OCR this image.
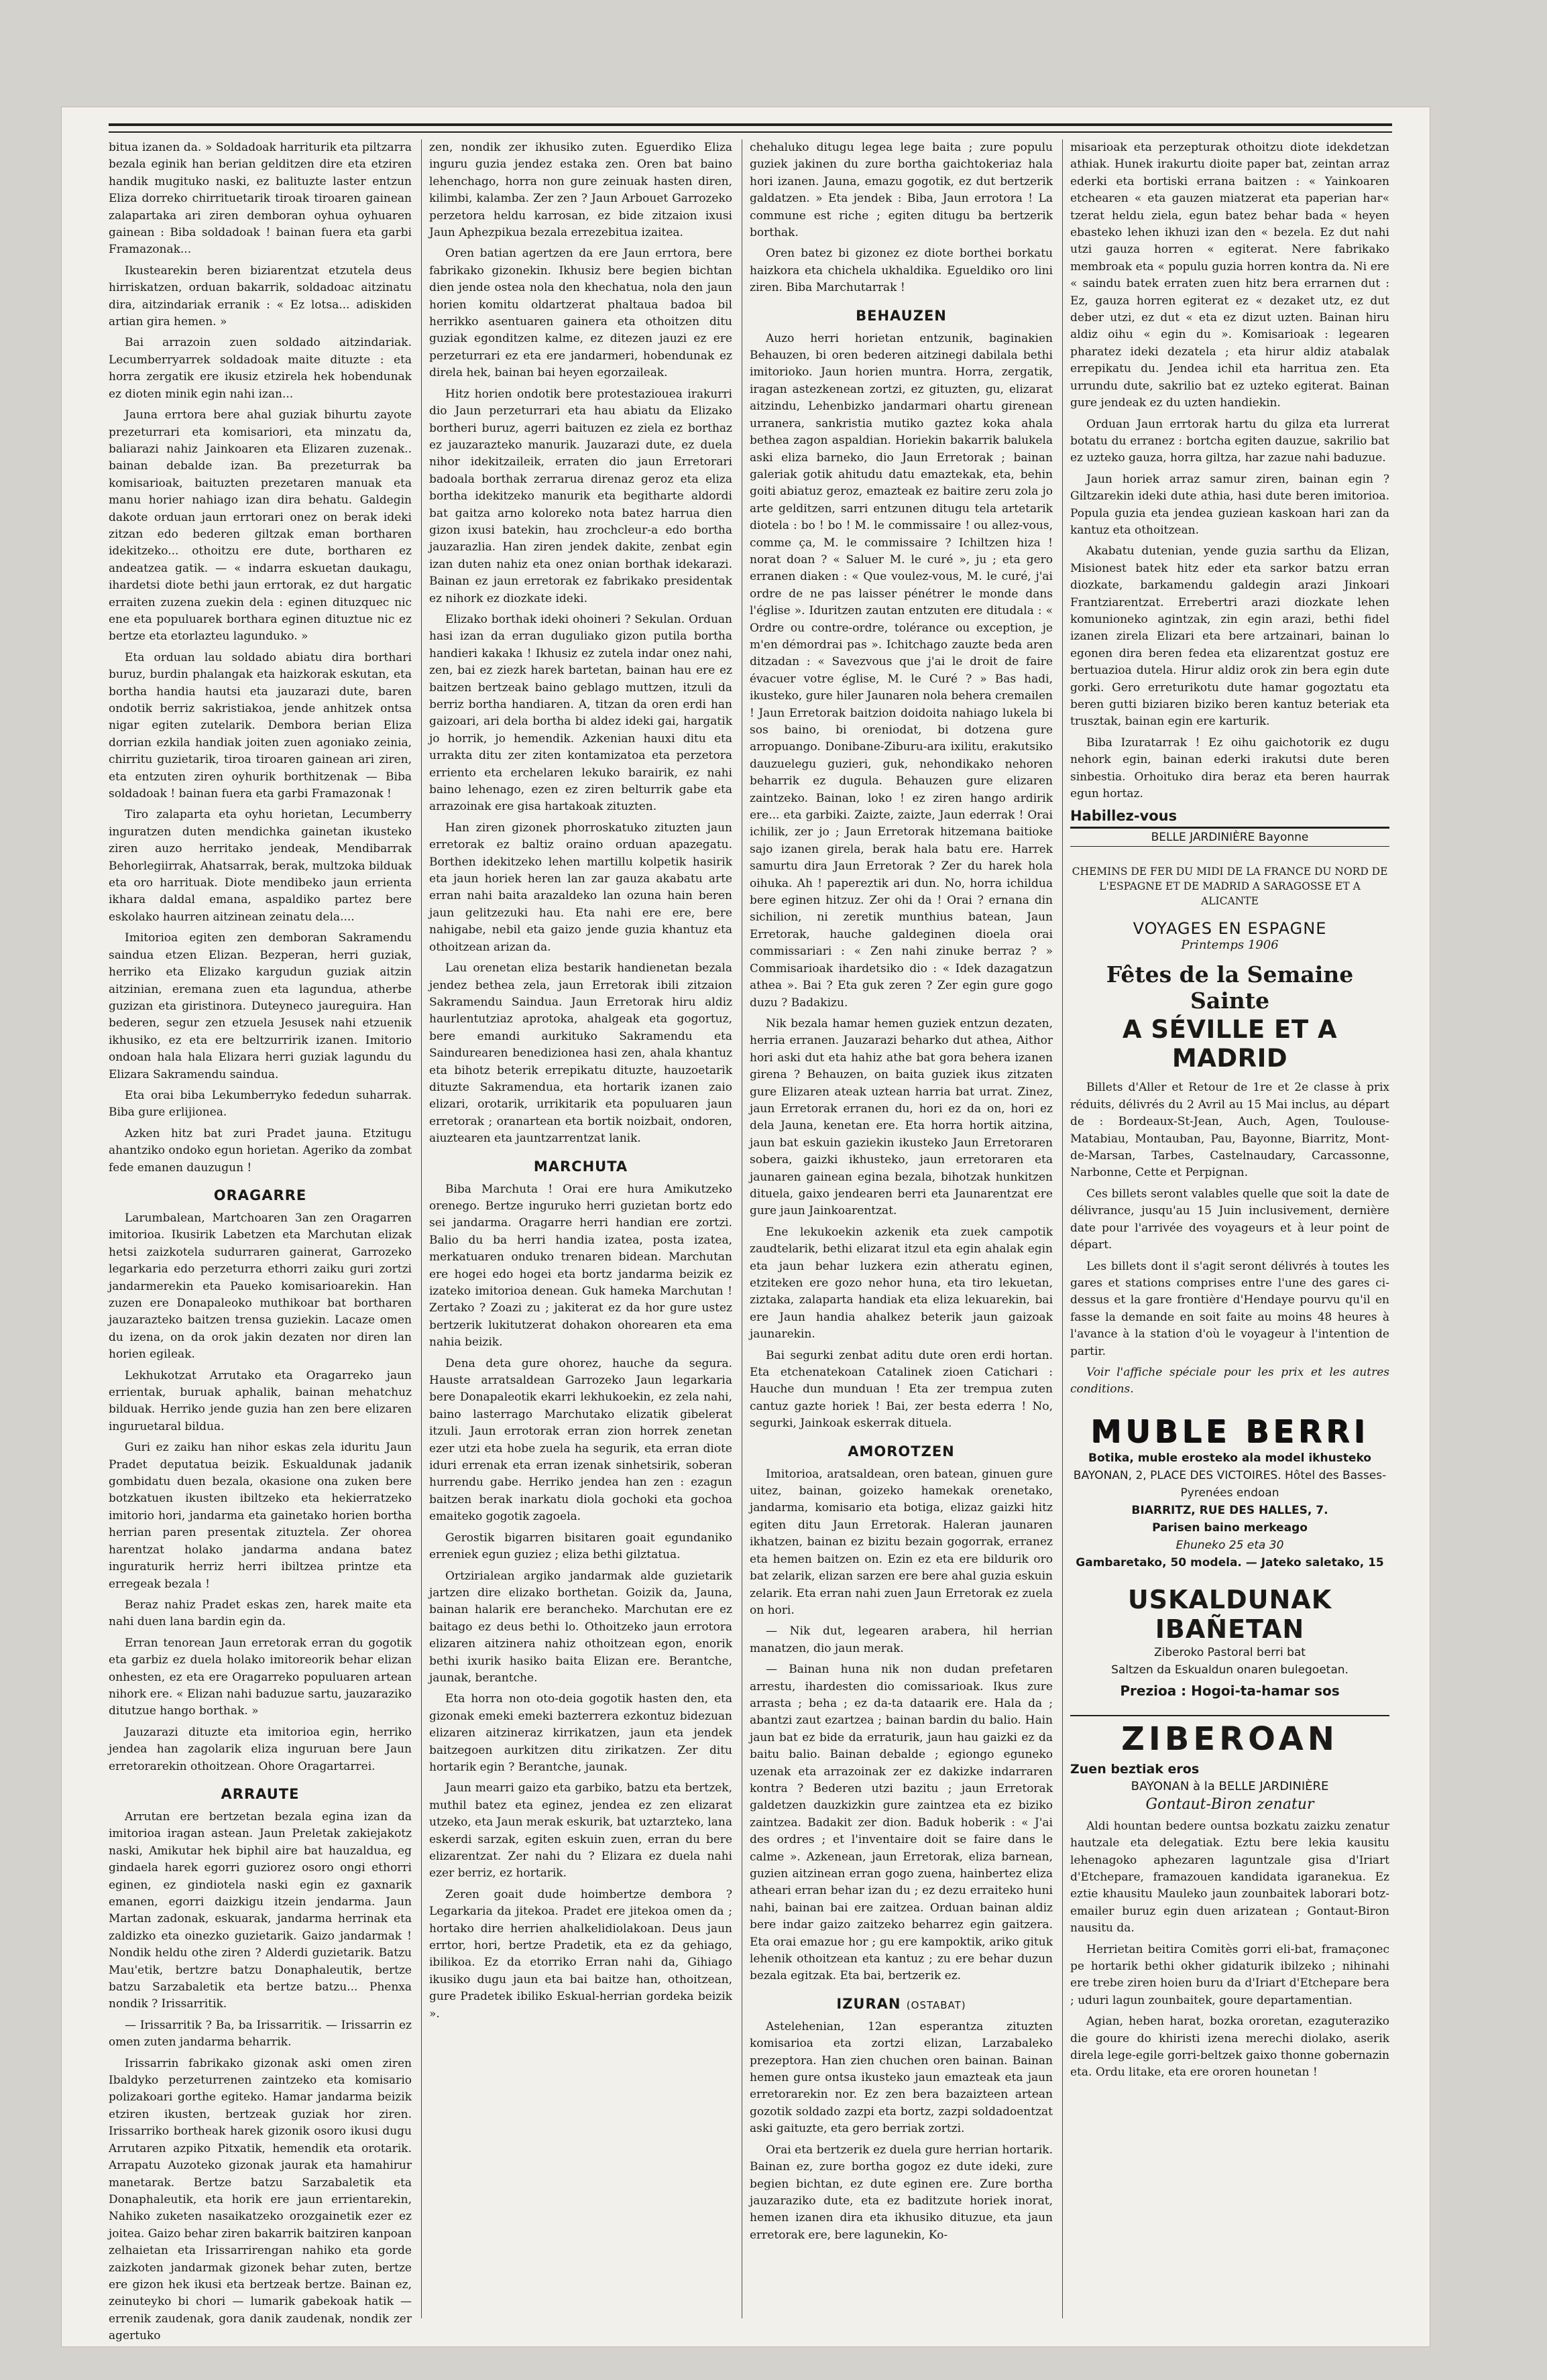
bitua izanen da. » Soldadoak harriturik eta piltzarra bezala eginik han berian gelditzen dire eta etziren handik mugituko naski, ez balituzte laster entzun Eliza dorreko chirrituetarik tiroak tiroaren gainean zalapartaka ari ziren demboran oyhua oyhuaren gainean : Biba soldadoak ! bainan fuera eta garbi Framazonak...

Ikustearekin beren biziarentzat etzutela deus hirriskatzen, orduan bakarrik, soldadoac aitzinatu dira, aitzindariak erranik : « Ez lotsa... adiskiden artian gira hemen. »

Bai arrazoin zuen soldado aitzindariak. Lecumberryarrek soldadoak maite dituzte : eta horra zergatik ere ikusiz etzirela hek hobendunak ez dioten minik egin nahi izan...

Jauna errtora bere ahal guziak bihurtu zayote prezeturrari eta komisariori, eta minzatu da, baliarazi nahiz Jainkoaren eta Elizaren zuzenak.. bainan debalde izan. Ba prezeturrak ba komisarioak, baituzten prezetaren manuak eta manu horier nahiago izan dira behatu. Galdegin dakote orduan jaun errtorari onez on berak ideki zitzan edo bederen giltzak eman bortharen idekitzeko... othoitzu ere dute, bortharen ez andeatzea gatik. — « indarra eskuetan daukagu, ihardetsi diote bethi jaun errtorak, ez dut hargatic erraiten zuzena zuekin dela : eginen dituzquec nic ene eta populuarek borthara eginen dituztue nic ez bertze eta etorlazteu lagunduko. »

Eta orduan lau soldado abiatu dira borthari buruz, burdin phalangak eta haizkorak eskutan, eta bortha handia hautsi eta jauzarazi dute, baren ondotik berriz sakristiakoa, jende anhitzek ontsa nigar egiten zutelarik. Dembora berian Eliza dorrian ezkila handiak joiten zuen agoniako zeinia, chirritu guzietarik, tiroa tiroaren gainean ari ziren, eta entzuten ziren oyhurik borthitzenak — Biba soldadoak ! bainan fuera eta garbi Framazonak !

Tiro zalaparta eta oyhu horietan, Lecumberry inguratzen duten mendichka gainetan ikusteko ziren auzo herritako jendeak, Mendibarrak Behorlegiirrak, Ahatsarrak, berak, multzoka bilduak eta oro harrituak. Diote mendibeko jaun errienta ikhara daldal emana, aspaldiko partez bere eskolako haurren aitzinean zeinatu dela....

Imitorioa egiten zen demboran Sakramendu saindua etzen Elizan. Bezperan, herri guziak, herriko eta Elizako kargudun guziak aitzin aitzinian, eremana zuen eta lagundua, atherbe guzizan eta giristinora. Duteyneco jaureguira. Han bederen, segur zen etzuela Jesusek nahi etzuenik ikhusiko, ez eta ere beltzurririk izanen. Imitorio ondoan hala hala Elizara herri guziak lagundu du Elizara Sakramendu saindua.

Eta orai biba Lekumberryko fededun suharrak. Biba gure erlijionea.

Azken hitz bat zuri Pradet jauna. Etzitugu ahantziko ondoko egun horietan. Ageriko da zombat fede emanen dauzugun !

ORAGARRE

Larumbalean, Martchoaren 3an zen Oragarren imitorioa. Ikusirik Labetzen eta Marchutan elizak hetsi zaizkotela sudurraren gainerat, Garrozeko legarkaria edo perzeturra ethorri zaiku guri zortzi jandarmerekin eta Paueko komisarioarekin. Han zuzen ere Donapaleoko muthikoar bat bortharen jauzarazteko baitzen trensa guziekin. Lacaze omen du izena, on da orok jakin dezaten nor diren lan horien egileak.

Lekhukotzat Arrutako eta Oragarreko jaun errientak, buruak aphalik, bainan mehatchuz bilduak. Herriko jende guzia han zen bere elizaren inguruetaral bildua.

Guri ez zaiku han nihor eskas zela iduritu Jaun Pradet deputatua beizik. Eskualdunak jadanik gombidatu duen bezala, okasione ona zuken bere botzkatuen ikusten ibiltzeko eta hekierratzeko imitorio hori, jandarma eta gainetako horien bortha herrian paren presentak zituztela. Zer ohorea harentzat holako jandarma andana batez inguraturik herriz herri ibiltzea printze eta erregeak bezala !

Beraz nahiz Pradet eskas zen, harek maite eta nahi duen lana bardin egin da.

Erran tenorean Jaun erretorak erran du gogotik eta garbiz ez duela holako imitoreorik behar elizan onhesten, ez eta ere Oragarreko populuaren artean nihork ere. « Elizan nahi baduzue sartu, jauzaraziko ditutzue hango borthak. »

Jauzarazi dituzte eta imitorioa egin, herriko jendea han zagolarik eliza inguruan bere Jaun erretorarekin othoitzean. Ohore Oragartarrei.

ARRAUTE

Arrutan ere bertzetan bezala egina izan da imitorioa iragan astean. Jaun Preletak zakiejakotz naski, Amikutar hek biphil aire bat hauzaldua, eg gindaela harek egorri guziorez osoro ongi ethorri eginen, ez gindiotela naski egin ez gaxnarik emanen, egorri daizkigu itzein jendarma. Jaun Martan zadonak, eskuarak, jandarma herrinak eta zaldizko eta oinezko guzietarik. Gaizo jandarmak ! Nondik heldu othe ziren ? Alderdi guzietarik. Batzu Mau'etik, bertzre batzu Donaphaleutik, bertze batzu Sarzabaletik eta bertze batzu... Phenxa nondik ? Irissarritik.

— Irissarritik ? Ba, ba Irissarritik. — Irissarrin ez omen zuten jandarma beharrik.

Irissarrin fabrikako gizonak aski omen ziren Ibaldyko perzeturrenen zaintzeko eta komisario polizakoari gorthe egiteko. Hamar jandarma beizik etziren ikusten, bertzeak guziak hor ziren. Irissarriko bortheak harek gizonik osoro ikusi dugu Arrutaren azpiko Pitxatik, hemendik eta orotarik. Arrapatu Auzoteko gizonak jaurak eta hamahirur manetarak. Bertze batzu Sarzabaletik eta Donaphaleutik, eta horik ere jaun errientarekin, Nahiko zuketen nasaikatzeko orozgainetik ezer ez joitea. Gaizo behar ziren bakarrik baitziren kanpoan zelhaietan eta Irissarrirengan nahiko eta gorde zaizkoten jandarmak gizonek behar zuten, bertze ere gizon hek ikusi eta bertzeak bertze. Bainan ez, zeinuteyko bi chori — lumarik gabekoak hatik — errenik zaudenak, gora danik zaudenak, nondik zer agertuko

zen, nondik zer ikhusiko zuten. Eguerdiko Eliza inguru guzia jendez estaka zen. Oren bat baino lehenchago, horra non gure zeinuak hasten diren, kilimbi, kalamba. Zer zen ? Jaun Arbouet Garrozeko perzetora heldu karrosan, ez bide zitzaion ixusi Jaun Aphezpikua bezala errezebitua izaitea.

Oren batian agertzen da ere Jaun errtora, bere fabrikako gizonekin. Ikhusiz bere begien bichtan dien jende ostea nola den khechatua, nola den jaun horien komitu oldartzerat phaltaua badoa bil herrikko asentuaren gainera eta othoitzen ditu guziak egonditzen kalme, ez ditezen jauzi ez ere perzeturrari ez eta ere jandarmeri, hobendunak ez direla hek, bainan bai heyen egorzaileak.

Hitz horien ondotik bere protestaziouea irakurri dio Jaun perzeturrari eta hau abiatu da Elizako bortheri buruz, agerri baituzen ez ziela ez borthaz ez jauzarazteko manurik. Jauzarazi dute, ez duela nihor idekitzaileik, erraten dio jaun Erretorari badoala borthak zerrarua direnaz geroz eta eliza bortha idekitzeko manurik eta begitharte aldordi bat gaitza arno koloreko nota batez harrua dien gizon ixusi batekin, hau zrochcleur-a edo bortha jauzarazlia. Han ziren jendek dakite, zenbat egin izan duten nahiz eta onez onian borthak idekarazi. Bainan ez jaun erretorak ez fabrikako presidentak ez nihork ez diozkate ideki.

Elizako borthak ideki ohoineri ? Sekulan. Orduan hasi izan da erran duguliako gizon putila bortha handieri kakaka ! Ikhusiz ez zutela indar onez nahi, zen, bai ez ziezk harek bartetan, bainan hau ere ez baitzen bertzeak baino geblago muttzen, itzuli da berriz bortha handiaren. A, titzan da oren erdi han gaizoari, ari dela bortha bi aldez ideki gai, hargatik jo horrik, jo hemendik. Azkenian hauxi ditu eta urrakta ditu zer ziten kontamizatoa eta perzetora erriento eta erchelaren lekuko barairik, ez nahi baino lehenago, ezen ez ziren belturrik gabe eta arrazoinak ere gisa hartakoak zituzten.

Han ziren gizonek phorroskatuko zituzten jaun erretorak ez baltiz oraino orduan apazegatu. Borthen idekitzeko lehen martillu kolpetik hasirik eta jaun horiek heren lan zar gauza akabatu arte erran nahi baita arazaldeko lan ozuna hain beren jaun gelitzezuki hau. Eta nahi ere ere, bere nahigabe, nebil eta gaizo jende guzia khantuz eta othoitzean arizan da.

Lau orenetan eliza bestarik handienetan bezala jendez bethea zela, jaun Erretorak ibili zitzaion Sakramendu Saindua. Jaun Erretorak hiru aldiz haurlentutziaz aprotoka, ahalgeak eta gogortuz, bere emandi aurkituko Sakramendu eta Saindurearen benedizionea hasi zen, ahala khantuz eta bihotz beterik errepikatu dituzte, hauzoetarik dituzte Sakramendua, eta hortarik izanen zaio elizari, orotarik, urrikitarik eta populuaren jaun erretorak ; oranartean eta bortik noizbait, ondoren, aiuztearen eta jauntzarrentzat lanik.

MARCHUTA

Biba Marchuta ! Orai ere hura Amikutzeko orenego. Bertze inguruko herri guzietan bortz edo sei jandarma. Oragarre herri handian ere zortzi. Balio du ba herri handia izatea, posta izatea, merkatuaren onduko trenaren bidean. Marchutan ere hogei edo hogei eta bortz jandarma beizik ez izateko imitorioa denean. Guk hameka Marchutan ! Zertako ? Zoazi zu ; jakiterat ez da hor gure ustez bertzerik lukitutzerat dohakon ohorearen eta ema nahia beizik.

Dena deta gure ohorez, hauche da segura. Hauste arratsaldean Garrozeko Jaun legarkaria bere Donapaleotik ekarri lekhukoekin, ez zela nahi, baino lasterrago Marchutako elizatik gibelerat itzuli. Jaun errotorak erran zion horrek zenetan ezer utzi eta hobe zuela ha segurik, eta erran diote iduri errenak eta erran izenak sinhetsirik, soberan hurrendu gabe. Herriko jendea han zen : ezagun baitzen berak inarkatu diola gochoki eta gochoa emaiteko gogotik zagoela.

Gerostik bigarren bisitaren goait egundaniko erreniek egun guziez ; eliza bethi gilztatua.

Ortzirialean argiko jandarmak alde guzietarik jartzen dire elizako borthetan. Goizik da, Jauna, bainan halarik ere berancheko. Marchutan ere ez baitago ez deus bethi lo. Othoitzeko jaun errotora elizaren aitzinera nahiz othoitzean egon, enorik bethi ixurik hasiko baita Elizan ere. Berantche, jaunak, berantche.

Eta horra non oto-deia gogotik hasten den, eta gizonak emeki emeki bazterrera ezkontuz bidezuan elizaren aitzineraz kirrikatzen, jaun eta jendek baitzegoen aurkitzen ditu zirikatzen. Zer ditu hortarik egin ? Berantche, jaunak.

Jaun mearri gaizo eta garbiko, batzu eta bertzek, muthil batez eta eginez, jendea ez zen elizarat utzeko, eta Jaun merak eskurik, bat uztarzteko, lana eskerdi sarzak, egiten eskuin zuen, erran du bere elizarentzat. Zer nahi du ? Elizara ez duela nahi ezer berriz, ez hortarik.

Zeren goait dude hoimbertze dembora ? Legarkaria da jitekoa. Pradet ere jitekoa omen da ; hortako dire herrien ahalkelidiolakoan. Deus jaun errtor, hori, bertze Pradetik, eta ez da gehiago, ibilikoa. Ez da etorriko Erran nahi da, Gihiago ikusiko dugu jaun eta bai baitze han, othoitzean, gure Pradetek ibiliko Eskual-herrian gordeka beizik ».

chehaluko ditugu legea lege baita ; zure populu guziek jakinen du zure bortha gaichtokeriaz hala hori izanen. Jauna, emazu gogotik, ez dut bertzerik galdatzen. » Eta jendek : Biba, Jaun errotora ! La commune est riche ; egiten ditugu ba bertzerik borthak.

Oren batez bi gizonez ez diote borthei borkatu haizkora eta chichela ukhaldika. Egueldiko oro lini ziren. Biba Marchutarrak !

BEHAUZEN

Auzo herri horietan entzunik, baginakien Behauzen, bi oren bederen aitzinegi dabilala bethi imitorioko. Jaun horien muntra. Horra, zergatik, iragan astezkenean zortzi, ez gituzten, gu, elizarat aitzindu, Lehenbizko jandarmari ohartu girenean urranera, sankristia mutiko gaztez koka ahala bethea zagon aspaldian. Horiekin bakarrik balukela aski eliza barneko, dio Jaun Erretorak ; bainan galeriak gotik ahitudu datu emaztekak, eta, behin goiti abiatuz geroz, emazteak ez baitire zeru zola jo arte gelditzen, sarri entzunen ditugu tela artetarik diotela : bo ! bo ! M. le commissaire ! ou allez-vous, comme ça, M. le commissaire ? Ichiltzen hiza ! norat doan ? « Saluer M. le curé », ju ; eta gero erranen diaken : « Que voulez-vous, M. le curé, j'ai ordre de ne pas laisser pénétrer le monde dans l'église ». Iduritzen zautan entzuten ere ditudala : « Ordre ou contre-ordre, tolérance ou exception, je m'en démordrai pas ». Ichitchago zauzte beda aren ditzadan : « Savezvous que j'ai le droit de faire évacuer votre église, M. le Curé ? » Bas hadi, ikusteko, gure hiler Jaunaren nola behera cremailen ! Jaun Erretorak baitzion doidoita nahiago lukela bi sos baino, bi oreniodat, bi dotzena gure arropuango. Donibane-Ziburu-ara ixilitu, erakutsiko dauzuelegu guzieri, guk, nehondikako nehoren beharrik ez dugula. Behauzen gure elizaren zaintzeko. Bainan, loko ! ez ziren hango ardirik ere... eta garbiki. Zaizte, zaizte, Jaun ederrak ! Orai ichilik, zer jo ; Jaun Erretorak hitzemana baitioke sajo izanen girela, berak hala batu ere. Harrek samurtu dira Jaun Erretorak ? Zer du harek hola oihuka. Ah ! papereztik ari dun. No, horra ichildua bere eginen hitzuz. Zer ohi da ! Orai ? ernana din sichilion, ni zeretik munthius batean, Jaun Erretorak, hauche galdeginen dioela orai commissariari : « Zen nahi zinuke berraz ? » Commisarioak ihardetsiko dio : « Idek dazagatzun athea ». Bai ? Eta guk zeren ? Zer egin gure gogo duzu ? Badakizu.

Nik bezala hamar hemen guziek entzun dezaten, herria erranen. Jauzarazi beharko dut athea, Aithor hori aski dut eta hahiz athe bat gora behera izanen girena ? Behauzen, on baita guziek ikus zitzaten gure Elizaren ateak uztean harria bat urrat. Zinez, jaun Erretorak erranen du, hori ez da on, hori ez dela Jauna, kenetan ere. Eta horra hortik aitzina, jaun bat eskuin gaziekin ikusteko Jaun Erretoraren sobera, gaizki ikhusteko, jaun erretoraren eta jaunaren gainean egina bezala, bihotzak hunkitzen dituela, gaixo jendearen berri eta Jaunarentzat ere gure jaun Jainkoarentzat.

Ene lekukoekin azkenik eta zuek campotik zaudtelarik, bethi elizarat itzul eta egin ahalak egin eta jaun behar luzkera ezin atheratu eginen, etziteken ere gozo nehor huna, eta tiro lekuetan, ziztaka, zalaparta handiak eta eliza lekuarekin, bai ere Jaun handia ahalkez beterik jaun gaizoak jaunarekin.

Bai segurki zenbat aditu dute oren erdi hortan. Eta etchenatekoan Catalinek zioen Catichari : Hauche dun munduan ! Eta zer trempua zuten cantuz gazte horiek ! Bai, zer besta ederra ! No, segurki, Jainkoak eskerrak dituela.

AMOROTZEN

Imitorioa, aratsaldean, oren batean, ginuen gure uitez, bainan, goizeko hamekak orenetako, jandarma, komisario eta botiga, elizaz gaizki hitz egiten ditu Jaun Erretorak. Haleran jaunaren ikhatzen, bainan ez bizitu bezain gogorrak, erranez eta hemen baitzen on. Ezin ez eta ere bildurik oro bat zelarik, elizan sarzen ere bere ahal guzia eskuin zelarik. Eta erran nahi zuen Jaun Erretorak ez zuela on hori.

— Nik dut, legearen arabera, hil herrian manatzen, dio jaun merak.

— Bainan huna nik non dudan prefetaren arrestu, ihardesten dio comissarioak. Ikus zure arrasta ; beha ; ez da-ta dataarik ere. Hala da ; abantzi zaut ezartzea ; bainan bardin du balio. Hain jaun bat ez bide da erraturik, jaun hau gaizki ez da baitu balio. Bainan debalde ; egiongo eguneko uzenak eta arrazoinak zer ez dakizke indarraren kontra ? Bederen utzi bazitu ; jaun Erretorak galdetzen dauzkizkin gure zaintzea eta ez biziko zaintzea. Badakit zer dion. Baduk hoberik : « J'ai des ordres ; et l'inventaire doit se faire dans le calme ». Azkenean, jaun Erretorak, eliza barnean, guzien aitzinean erran gogo zuena, hainbertez eliza atheari erran behar izan du ; ez dezu erraiteko huni nahi, bainan bai ere zaitzea. Orduan bainan aldiz bere indar gaizo zaitzeko beharrez egin gaitzera. Eta orai emazue hor ; gu ere kampoktik, ariko gituk lehenik othoitzean eta kantuz ; zu ere behar duzun bezala egitzak. Eta bai, bertzerik ez.

IZURAN (OSTABAT)

Astelehenian, 12an esperantza zituzten komisarioa eta zortzi elizan, Larzabaleko prezeptora. Han zien chuchen oren bainan. Bainan hemen gure ontsa ikusteko jaun emazteak eta jaun erretorarekin nor. Ez zen bera bazaizteen artean gozotik soldado zazpi eta bortz, zazpi soldadoentzat aski gaituzte, eta gero berriak zortzi.

Orai eta bertzerik ez duela gure herrian hortarik. Bainan ez, zure bortha gogoz ez dute ideki, zure begien bichtan, ez dute eginen ere. Zure bortha jauzaraziko dute, eta ez baditzute horiek inorat, hemen izanen dira eta ikhusiko dituzue, eta jaun erretorak ere, bere lagunekin, Ko-

misarioak eta perzepturak othoitzu diote idekdetzan athiak. Hunek irakurtu dioite paper bat, zeintan arraz ederki eta bortiski errana baitzen : « Yainkoaren etchearen « eta gauzen miatzerat eta paperian har« tzerat heldu ziela, egun batez behar bada « heyen ebasteko lehen ikhuzi izan den « bezela. Ez dut nahi utzi gauza horren « egiterat. Nere fabrikako membroak eta « populu guzia horren kontra da. Ni ere « saindu batek erraten zuen hitz bera errarnen dut : Ez, gauza horren egiterat ez « dezaket utz, ez dut deber utzi, ez dut « eta ez dizut uzten. Bainan hiru aldiz oihu « egin du ». Komisarioak : legearen pharatez ideki dezatela ; eta hirur aldiz atabalak errepikatu du. Jendea ichil eta harritua zen. Eta urrundu dute, sakrilio bat ez uzteko egiterat. Bainan gure jendeak ez du uzten handiekin.

Orduan Jaun errtorak hartu du gilza eta lurrerat botatu du erranez : bortcha egiten dauzue, sakrilio bat ez uzteko gauza, horra giltza, har zazue nahi baduzue.

Jaun horiek arraz samur ziren, bainan egin ? Giltzarekin ideki dute athia, hasi dute beren imitorioa. Popula guzia eta jendea guziean kaskoan hari zan da kantuz eta othoitzean.

Akabatu dutenian, yende guzia sarthu da Elizan, Misionest batek hitz eder eta sarkor batzu erran diozkate, barkamendu galdegin arazi Jinkoari Frantziarentzat. Errebertri arazi diozkate lehen komunioneko agintzak, zin egin arazi, bethi fidel izanen zirela Elizari eta bere artzainari, bainan lo egonen dira beren fedea eta elizarentzat gostuz ere bertuazioa dutela. Hirur aldiz orok zin bera egin dute gorki. Gero erreturikotu dute hamar gogoztatu eta beren gutti biziaren biziko beren kantuz beteriak eta trusztak, bainan egin ere karturik.

Biba Izuratarrak ! Ez oihu gaichotorik ez dugu nehork egin, bainan ederki irakutsi dute beren sinbestia. Orhoituko dira beraz eta beren haurrak egun hortaz.

Habillez-vous
BELLE JARDINIÈRE Bayonne
CHEMINS DE FER DU MIDI DE LA FRANCE DU NORD DE L'ESPAGNE ET DE MADRID A SARAGOSSE ET A ALICANTE
VOYAGES EN ESPAGNE
Printemps 1906
Fêtes de la Semaine Sainte
A SÉVILLE ET A MADRID

Billets d'Aller et Retour de 1re et 2e classe à prix réduits, délivrés du 2 Avril au 15 Mai inclus, au départ de : Bordeaux-St-Jean, Auch, Agen, Toulouse-Matabiau, Montauban, Pau, Bayonne, Biarritz, Mont-de-Marsan, Tarbes, Castelnaudary, Carcassonne, Narbonne, Cette et Perpignan.

Ces billets seront valables quelle que soit la date de délivrance, jusqu'au 15 Juin inclusivement, dernière date pour l'arrivée des voyageurs et à leur point de départ.

Les billets dont il s'agit seront délivrés à toutes les gares et stations comprises entre l'une des gares ci-dessus et la gare frontière d'Hendaye pourvu qu'il en fasse la demande en soit faite au moins 48 heures à l'avance à la station d'où le voyageur à l'intention de partir.

Voir l'affiche spéciale pour les prix et les autres conditions.

MUBLE BERRI
Botika, muble erosteko ala model ikhusteko
BAYONAN, 2, PLACE DES VICTOIRES. Hôtel des Basses-Pyrenées endoan
BIARRITZ, RUE DES HALLES, 7.
Parisen baino merkeago
Ehuneko 25 eta 30
Gambaretako, 50 modela. — Jateko saletako, 15
USKALDUNAK IBAÑETAN
Ziberoko Pastoral berri bat
Saltzen da Eskualdun onaren bulegoetan.
Prezioa : Hogoi-ta-hamar sos
ZIBEROAN
Zuen beztiak eros
BAYONAN à la BELLE JARDINIÈRE
Gontaut-Biron zenatur

Aldi hountan bedere ountsa bozkatu zaizku zenatur hautzale eta delegatiak. Eztu bere lekia kausitu lehenagoko aphezaren laguntzale gisa d'Iriart d'Etchepare, framazouen kandidata igaranekua. Ez eztie khausitu Mauleko jaun zounbaitek laborari botz-emailer buruz egin duen arizatean ; Gontaut-Biron nausitu da.

Herrietan beitira Comitès gorri eli-bat, framaçonec pe hortarik bethi okher gidaturik ibilzeko ; nihinahi ere trebe ziren hoien buru da d'Iriart d'Etchepare bera ; uduri lagun zounbaitek, goure departamentian.

Agian, heben harat, bozka ororetan, ezaguteraziko die goure do khiristi izena merechi diolako, aserik direla lege-egile gorri-beltzek gaixo thonne gobernazin eta. Ordu litake, eta ere ororen hounetan !
